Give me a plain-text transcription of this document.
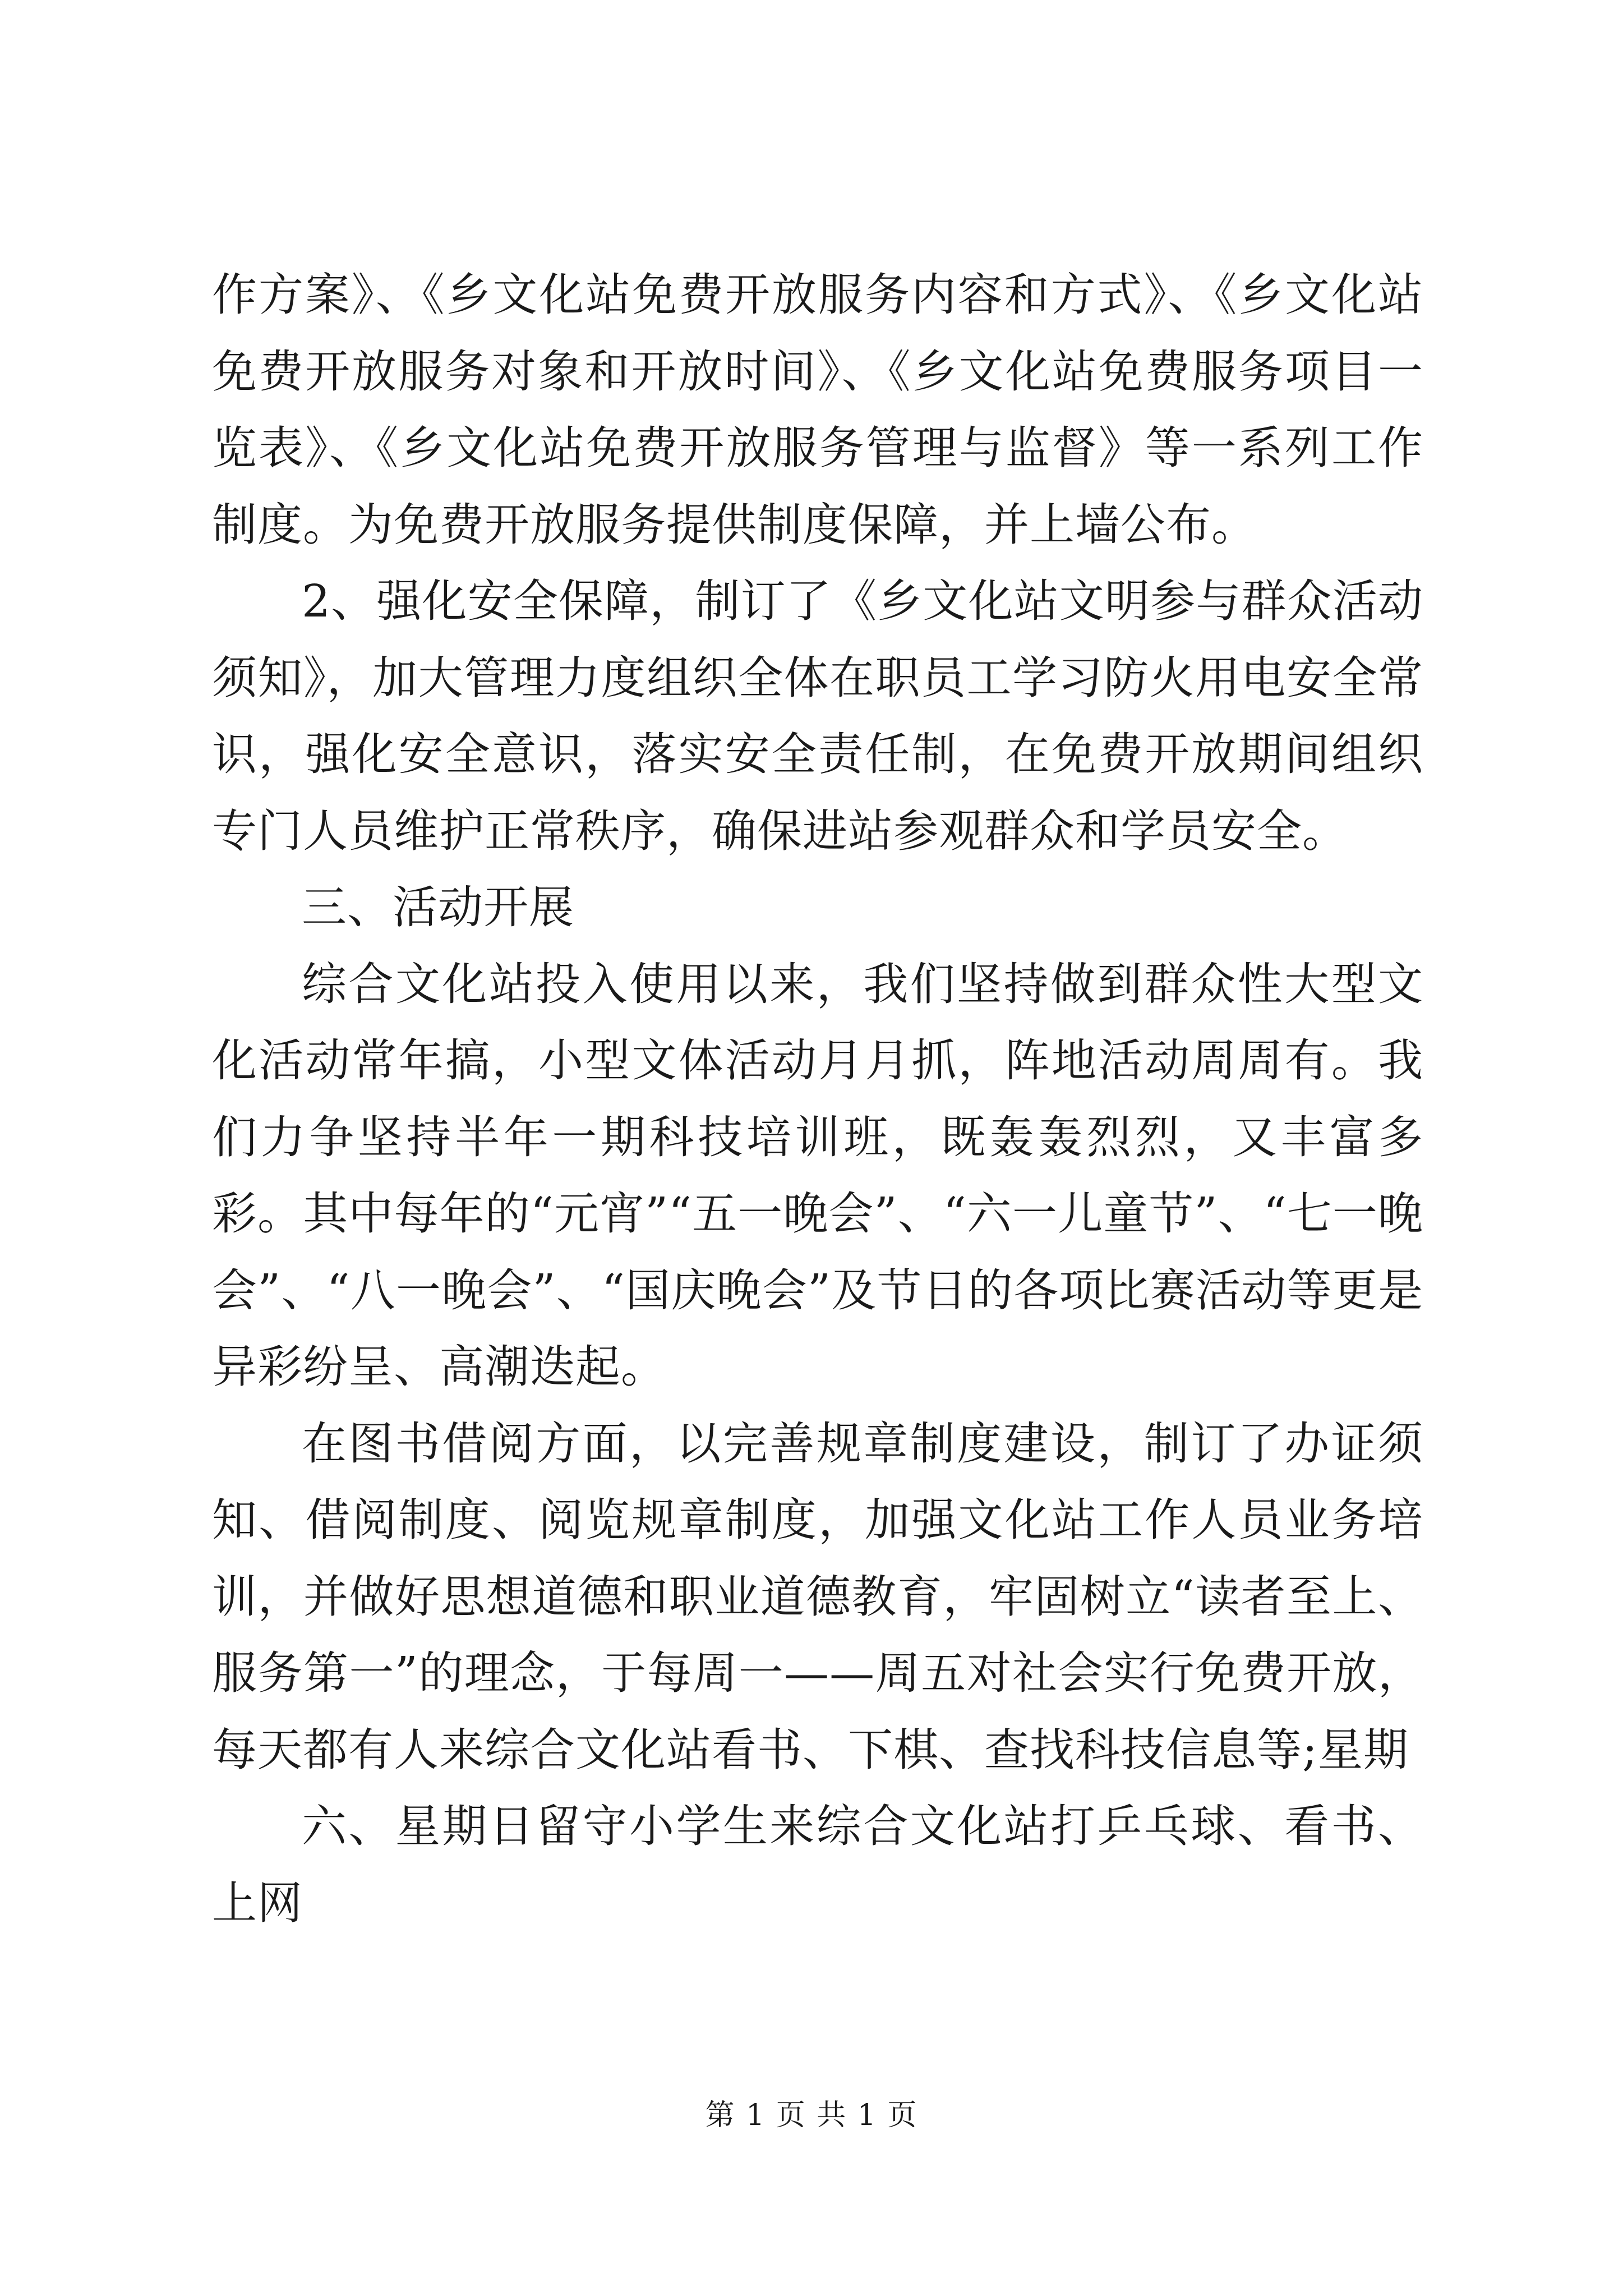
作方案》、《乡文化站免费开放服务内容和方式》、《乡文化站免费开放服务对象和开放时间》、《乡文化站免费服务项目一览表》、《乡文化站免费开放服务管理与监督》等一系列工作制度。为免费开放服务提供制度保障，并上墙公布。

2、强化安全保障，制订了《乡文化站文明参与群众活动须知》，加大管理力度组织全体在职员工学习防火用电安全常识，强化安全意识，落实安全责任制，在免费开放期间组织专门人员维护正常秩序，确保进站参观群众和学员安全。

三、活动开展

综合文化站投入使用以来，我们坚持做到群众性大型文化活动常年搞，小型文体活动月月抓，阵地活动周周有。我们力争坚持半年一期科技培训班，既轰轰烈烈，又丰富多彩。其中每年的“元宵”“五一晚会”、“六一儿童节”、“七一晚会”、“八一晚会”、“国庆晚会”及节日的各项比赛活动等更是异彩纷呈、高潮迭起。

在图书借阅方面，以完善规章制度建设，制订了办证须知、借阅制度、阅览规章制度，加强文化站工作人员业务培训，并做好思想道德和职业道德教育，牢固树立“读者至上、服务第一”的理念，于每周一——周五对社会实行免费开放，每天都有人来综合文化站看书、下棋、查找科技信息等;星期

六、星期日留守小学生来综合文化站打乒乓球、看书、上网

第 1 页 共 1 页
